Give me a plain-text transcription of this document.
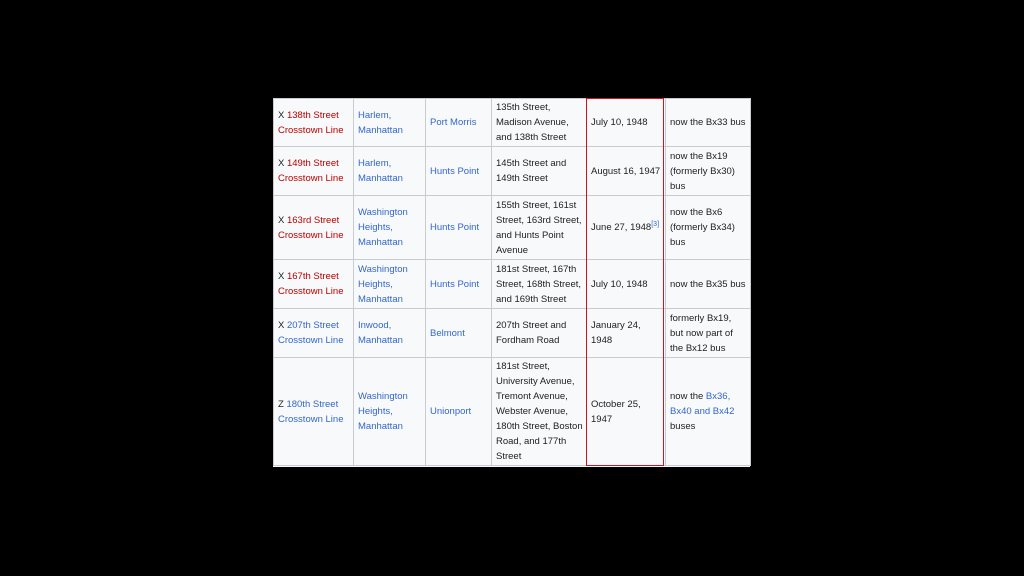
X 138th Street Crosstown Line	Harlem, Manhattan	Port Morris	135th Street, Madison Avenue, and 138th Street	July 10, 1948	now the Bx33 bus
X 149th Street Crosstown Line	Harlem, Manhattan	Hunts Point	145th Street and 149th Street	August 16, 1947	now the Bx19 (formerly Bx30) bus
X 163rd Street Crosstown Line	Washington Heights, Manhattan	Hunts Point	155th Street, 161st Street, 163rd Street, and Hunts Point Avenue	June 27, 1948[3]	now the Bx6 (formerly Bx34) bus
X 167th Street Crosstown Line	Washington Heights, Manhattan	Hunts Point	181st Street, 167th Street, 168th Street, and 169th Street	July 10, 1948	now the Bx35 bus
X 207th Street Crosstown Line	Inwood, Manhattan	Belmont	207th Street and Fordham Road	January 24, 1948	formerly Bx19, but now part of the Bx12 bus
Z 180th Street Crosstown Line	Washington Heights, Manhattan	Unionport	181st Street, University Avenue, Tremont Avenue, Webster Avenue, 180th Street, Boston Road, and 177th Street	October 25, 1947	now the Bx36, Bx40 and Bx42 buses
